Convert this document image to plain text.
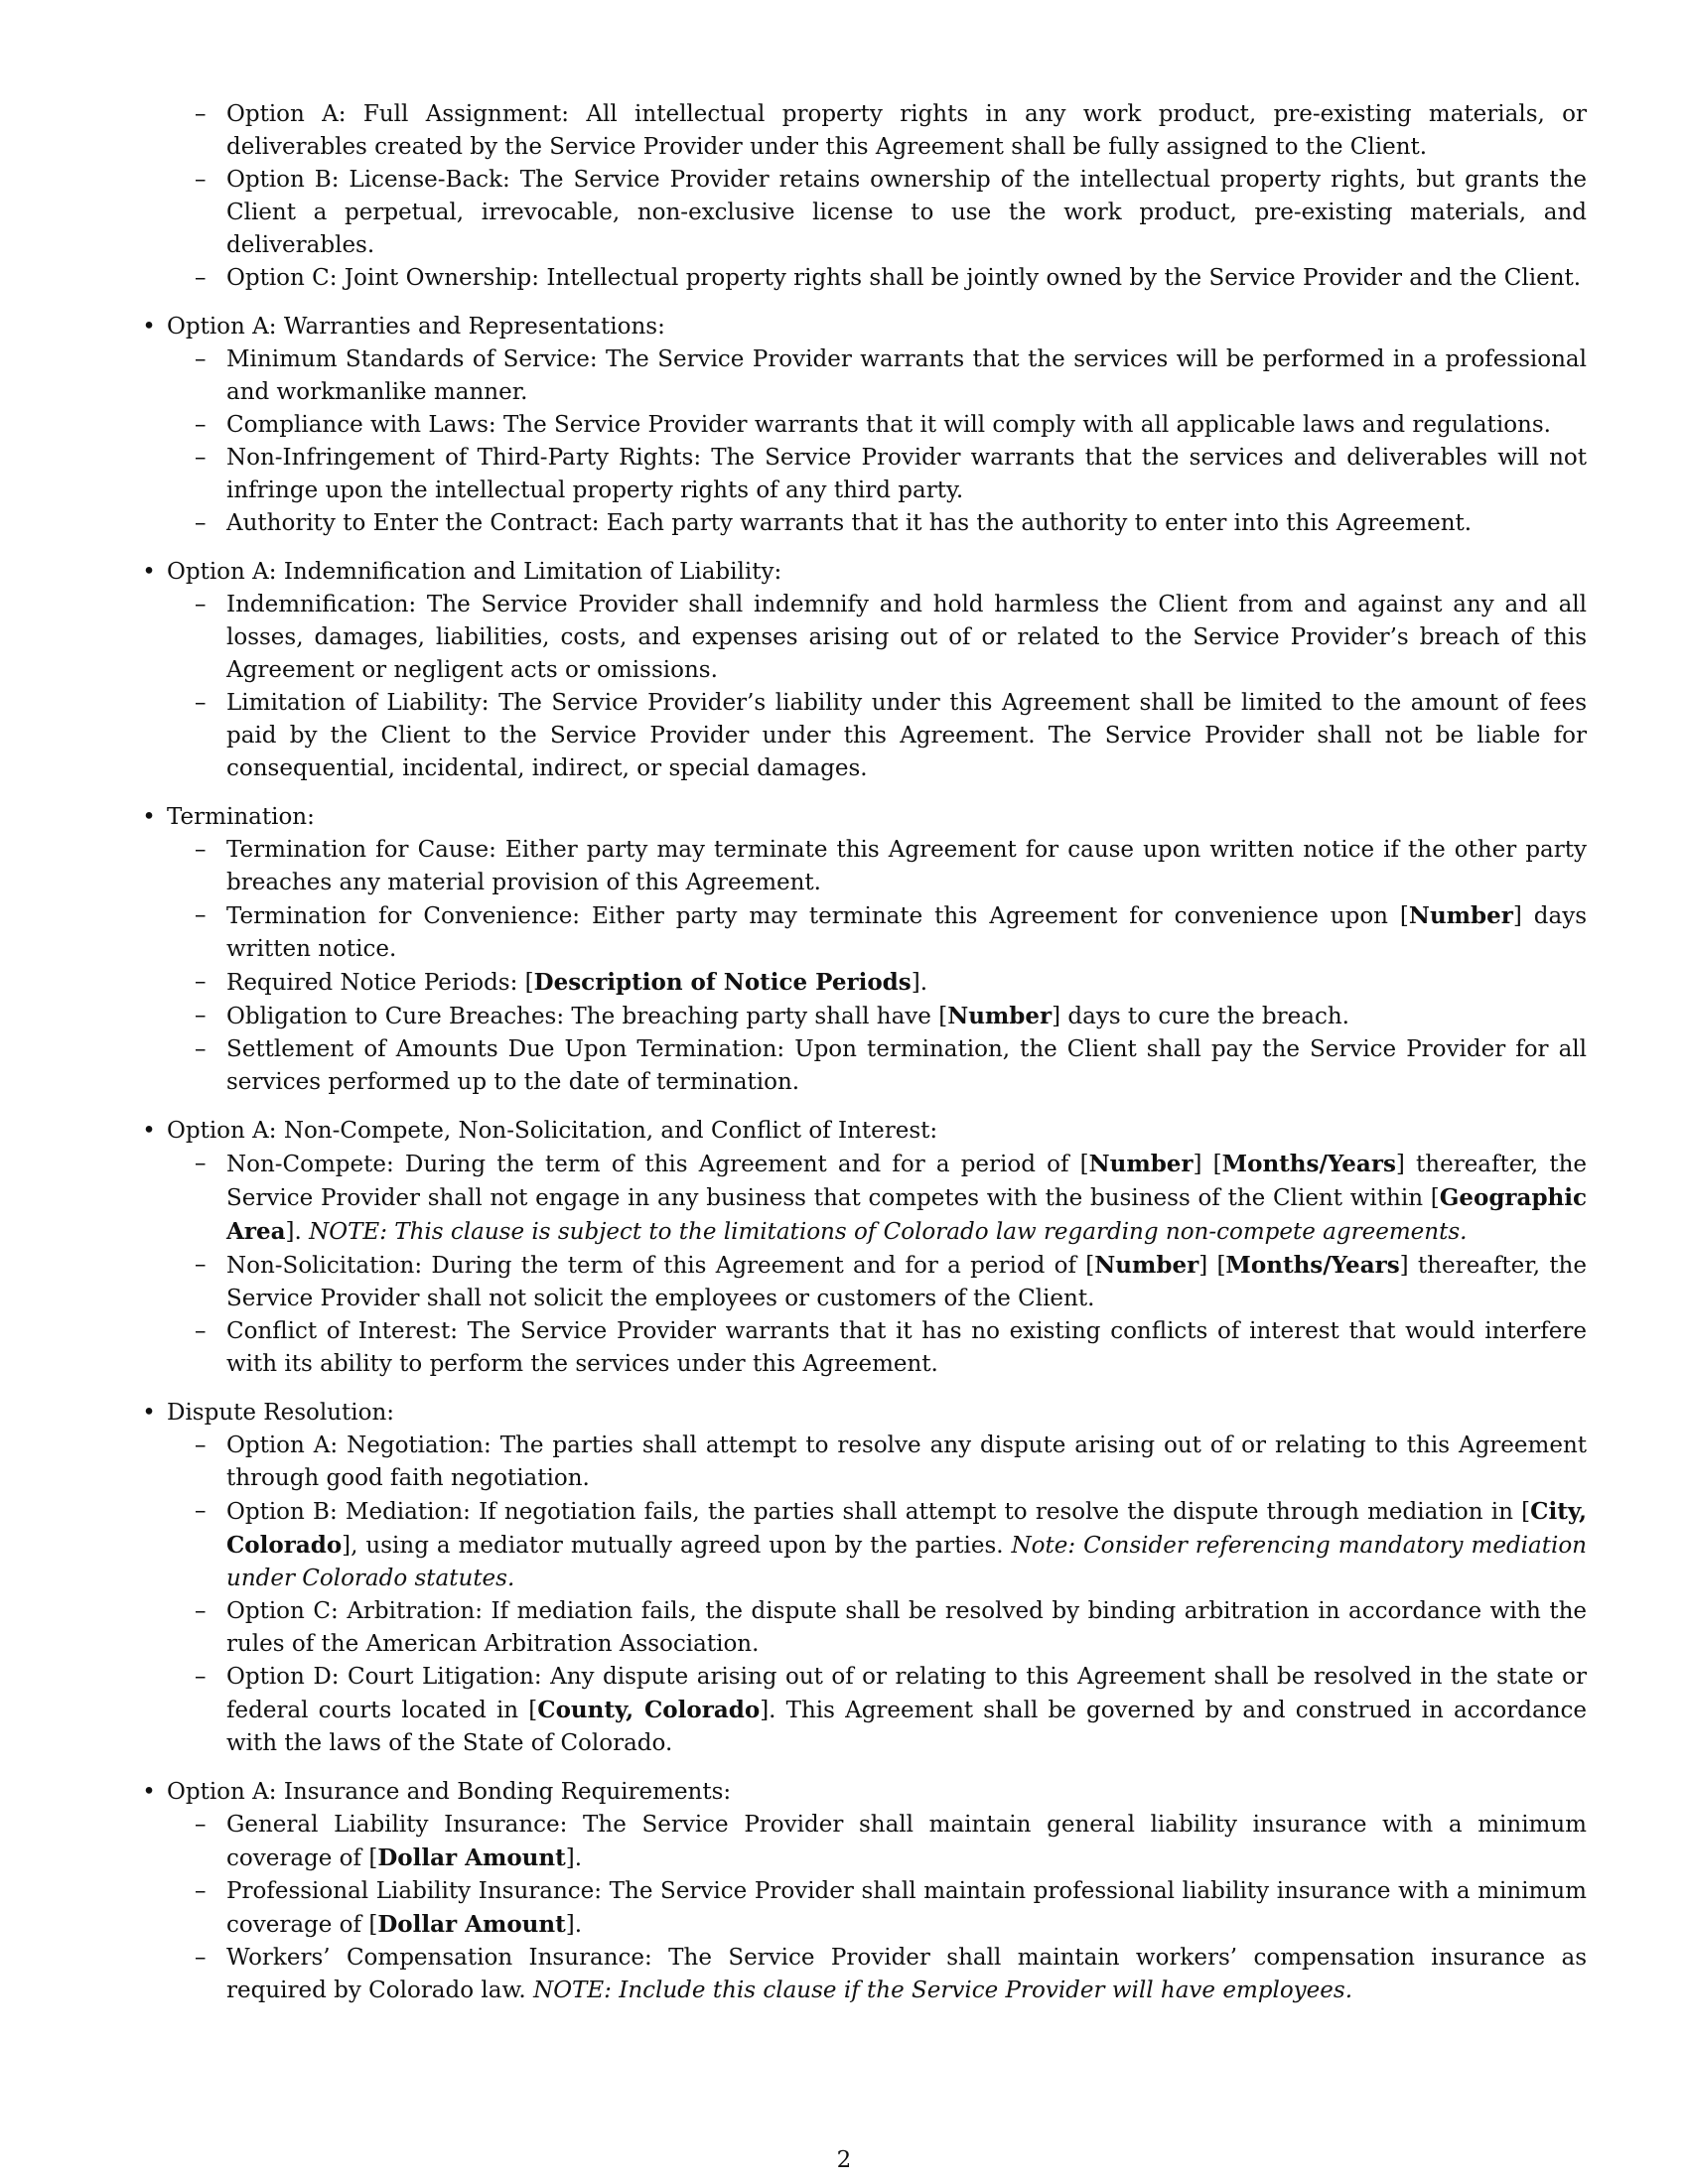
– Option A: Full Assignment: All intellectual property rights in any work product, pre-existing materials, or deliverables created by the Service Provider under this Agreement shall be fully assigned to the Client.
– Option B: License-Back: The Service Provider retains ownership of the intellectual property rights, but grants the Client a perpetual, irrevocable, non-exclusive license to use the work product, pre-existing materials, and deliverables.
– Option C: Joint Ownership: Intellectual property rights shall be jointly owned by the Service Provider and the Client.
• Option A: Warranties and Representations:
– Minimum Standards of Service: The Service Provider warrants that the services will be performed in a professional and workmanlike manner.
– Compliance with Laws: The Service Provider warrants that it will comply with all applicable laws and regulations.
– Non-Infringement of Third-Party Rights: The Service Provider warrants that the services and deliverables will not infringe upon the intellectual property rights of any third party.
– Authority to Enter the Contract: Each party warrants that it has the authority to enter into this Agreement.
• Option A: Indemnification and Limitation of Liability:
– Indemnification: The Service Provider shall indemnify and hold harmless the Client from and against any and all losses, damages, liabilities, costs, and expenses arising out of or related to the Service Provider’s breach of this Agreement or negligent acts or omissions.
– Limitation of Liability: The Service Provider’s liability under this Agreement shall be limited to the amount of fees paid by the Client to the Service Provider under this Agreement. The Service Provider shall not be liable for consequential, incidental, indirect, or special damages.
• Termination:
– Termination for Cause: Either party may terminate this Agreement for cause upon written notice if the other party breaches any material provision of this Agreement.
– Termination for Convenience: Either party may terminate this Agreement for convenience upon [Number] days written notice.
– Required Notice Periods: [Description of Notice Periods].
– Obligation to Cure Breaches: The breaching party shall have [Number] days to cure the breach.
– Settlement of Amounts Due Upon Termination: Upon termination, the Client shall pay the Service Provider for all services performed up to the date of termination.
• Option A: Non-Compete, Non-Solicitation, and Conflict of Interest:
– Non-Compete: During the term of this Agreement and for a period of [Number] [Months/Years] thereafter, the Service Provider shall not engage in any business that competes with the business of the Client within [Geographic Area]. NOTE: This clause is subject to the limitations of Colorado law regarding non-compete agreements.
– Non-Solicitation: During the term of this Agreement and for a period of [Number] [Months/Years] thereafter, the Service Provider shall not solicit the employees or customers of the Client.
– Conflict of Interest: The Service Provider warrants that it has no existing conflicts of interest that would interfere with its ability to perform the services under this Agreement.
• Dispute Resolution:
– Option A: Negotiation: The parties shall attempt to resolve any dispute arising out of or relating to this Agreement through good faith negotiation.
– Option B: Mediation: If negotiation fails, the parties shall attempt to resolve the dispute through mediation in [City, Colorado], using a mediator mutually agreed upon by the parties. Note: Consider referencing mandatory mediation under Colorado statutes.
– Option C: Arbitration: If mediation fails, the dispute shall be resolved by binding arbitration in accordance with the rules of the American Arbitration Association.
– Option D: Court Litigation: Any dispute arising out of or relating to this Agreement shall be resolved in the state or federal courts located in [County, Colorado]. This Agreement shall be governed by and construed in accordance with the laws of the State of Colorado.
• Option A: Insurance and Bonding Requirements:
– General Liability Insurance: The Service Provider shall maintain general liability insurance with a minimum coverage of [Dollar Amount].
– Professional Liability Insurance: The Service Provider shall maintain professional liability insurance with a minimum coverage of [Dollar Amount].
– Workers’ Compensation Insurance: The Service Provider shall maintain workers’ compensation insurance as required by Colorado law. NOTE: Include this clause if the Service Provider will have employees.
2
